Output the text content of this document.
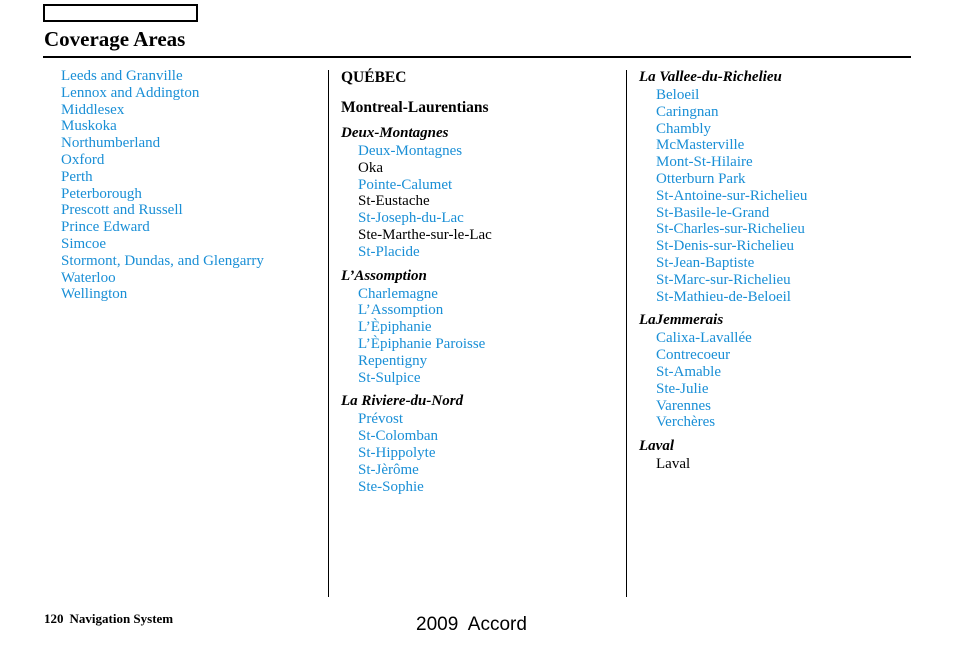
Coverage Areas
Leeds and Granville
Lennox and Addington
Middlesex
Muskoka
Northumberland
Oxford
Perth
Peterborough
Prescott and Russell
Prince Edward
Simcoe
Stormont, Dundas, and Glengarry
Waterloo
Wellington
QUÉBEC
Montreal-Laurentians
Deux-Montagnes
Deux-Montagnes
Oka
Pointe-Calumet
St-Eustache
St-Joseph-du-Lac
Ste-Marthe-sur-le-Lac
St-Placide
L’Assomption
Charlemagne
L’Assomption
L’Èpiphanie
L’Èpiphanie Paroisse
Repentigny
St-Sulpice
La Riviere-du-Nord
Prévost
St-Colomban
St-Hippolyte
St-Jèrôme
Ste-Sophie
La Vallee-du-Richelieu
Beloeil
Caringnan
Chambly
McMasterville
Mont-St-Hilaire
Otterburn Park
St-Antoine-sur-Richelieu
St-Basile-le-Grand
St-Charles-sur-Richelieu
St-Denis-sur-Richelieu
St-Jean-Baptiste
St-Marc-sur-Richelieu
St-Mathieu-de-Beloeil
LaJemmerais
Calixa-Lavallée
Contrecoeur
St-Amable
Ste-Julie
Varennes
Verchères
Laval
Laval
120 Navigation System	2009  Accord
